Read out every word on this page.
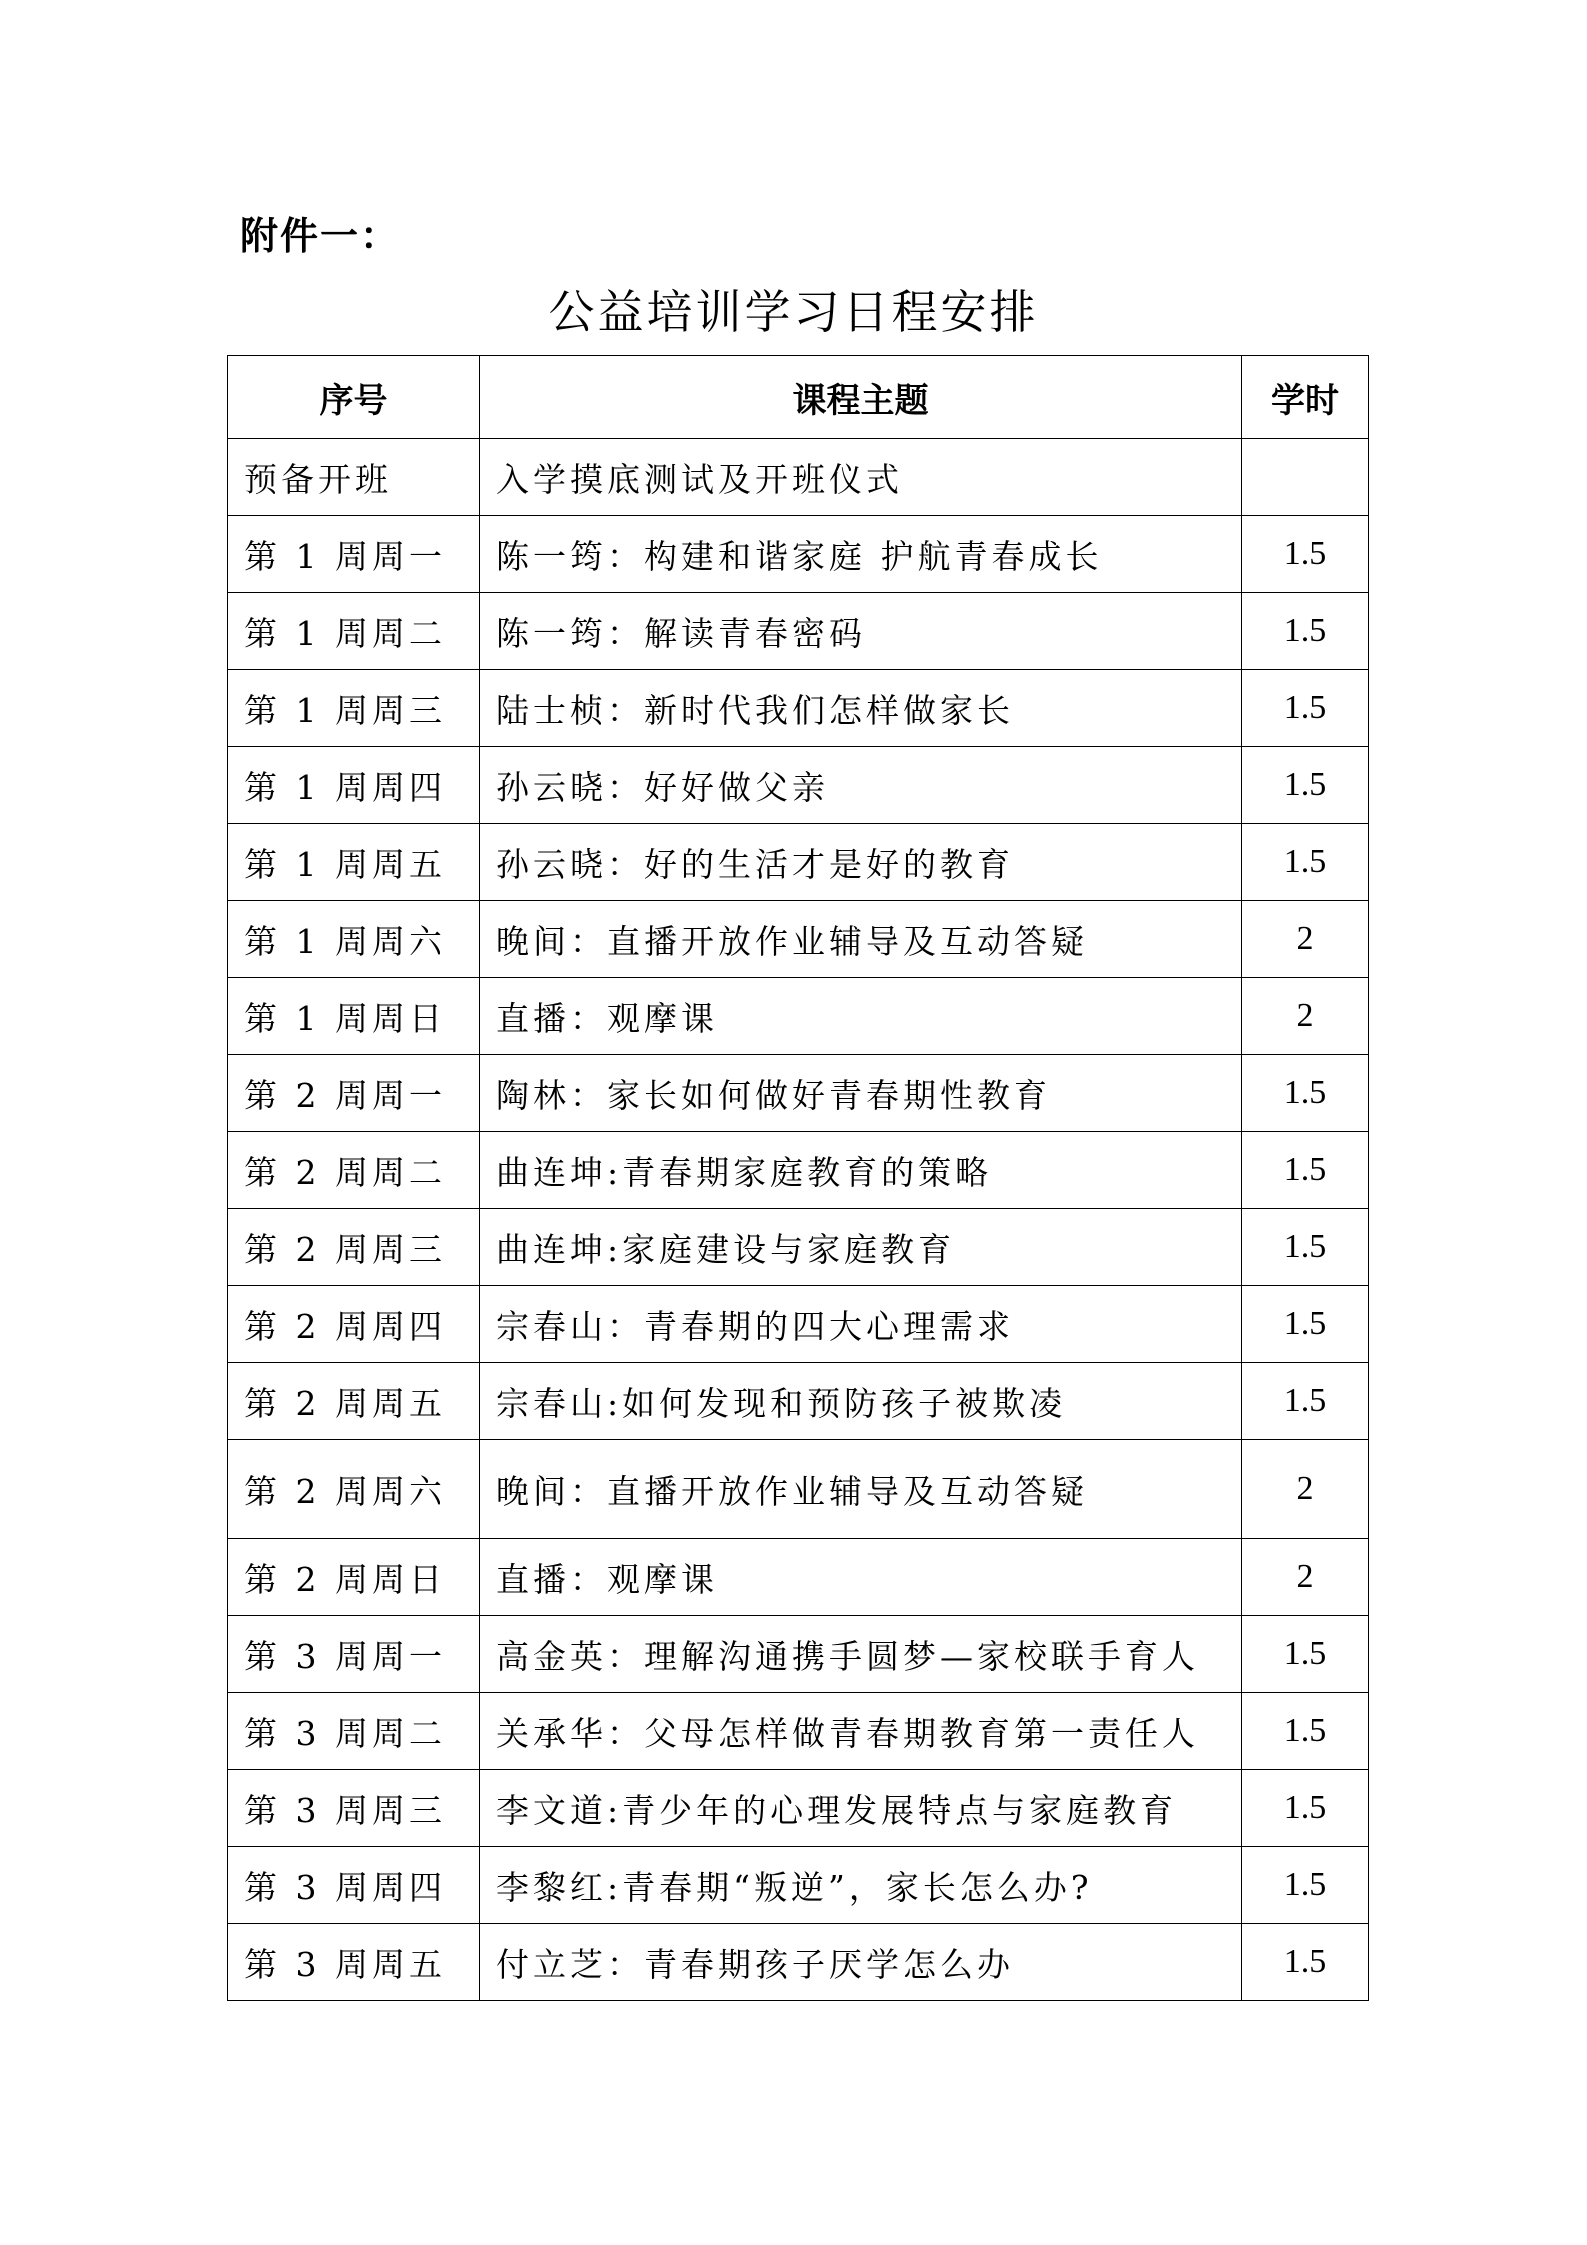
附件一：
公益培训学习日程安排
序号	课程主题	学时
预备开班	入学摸底测试及开班仪式	
第 1 周周一	陈一筠：构建和谐家庭 护航青春成长	1.5
第 1 周周二	陈一筠：解读青春密码	1.5
第 1 周周三	陆士桢：新时代我们怎样做家长	1.5
第 1 周周四	孙云晓：好好做父亲	1.5
第 1 周周五	孙云晓：好的生活才是好的教育	1.5
第 1 周周六	晚间：直播开放作业辅导及互动答疑	2
第 1 周周日	直播：观摩课	2
第 2 周周一	陶林：家长如何做好青春期性教育	1.5
第 2 周周二	曲连坤:青春期家庭教育的策略	1.5
第 2 周周三	曲连坤:家庭建设与家庭教育	1.5
第 2 周周四	宗春山：青春期的四大心理需求	1.5
第 2 周周五	宗春山:如何发现和预防孩子被欺凌	1.5
第 2 周周六	晚间：直播开放作业辅导及互动答疑	2
第 2 周周日	直播：观摩课	2
第 3 周周一	高金英：理解沟通携手圆梦—家校联手育人	1.5
第 3 周周二	关承华：父母怎样做青春期教育第一责任人	1.5
第 3 周周三	李文道:青少年的心理发展特点与家庭教育	1.5
第 3 周周四	李黎红:青春期“叛逆”，家长怎么办?	1.5
第 3 周周五	付立芝：青春期孩子厌学怎么办	1.5
